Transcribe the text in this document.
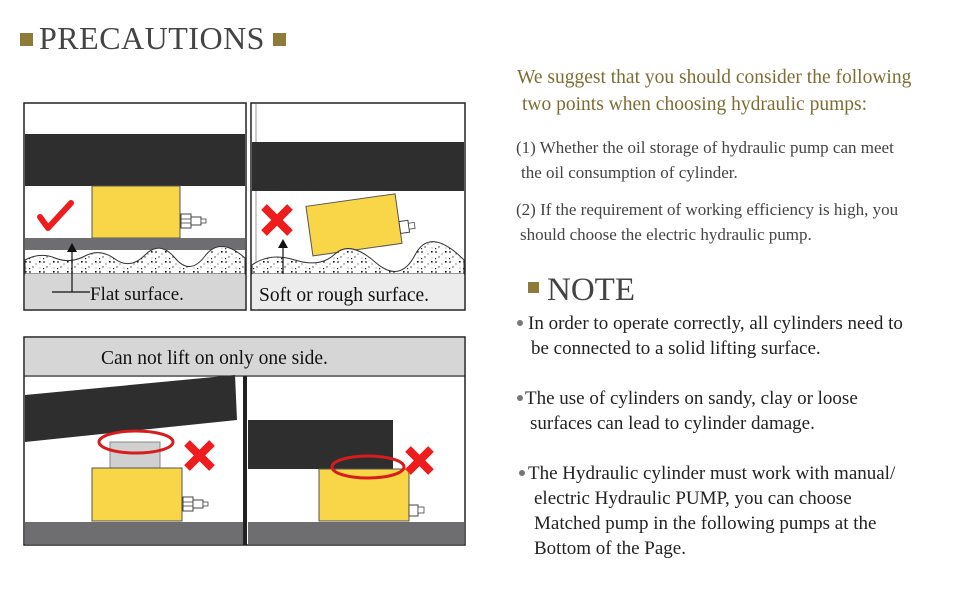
PRECAUTIONS
We suggest that you should consider the following
two points when choosing hydraulic pumps:
(1) Whether the oil storage of hydraulic pump can meet
the oil consumption of cylinder.
(2) If the requirement of working efficiency is high, you
should choose the electric hydraulic pump.
NOTE
In order to operate correctly, all cylinders need to
be connected to a solid lifting surface.
The use of cylinders on sandy, clay or loose
surfaces can lead to cylinder damage.
The Hydraulic cylinder must work with manual/
electric Hydraulic PUMP, you can choose
Matched pump in the following pumps at the
Bottom of the Page.
Flat surface.	Soft or rough surface.
Can not lift on only one side.
